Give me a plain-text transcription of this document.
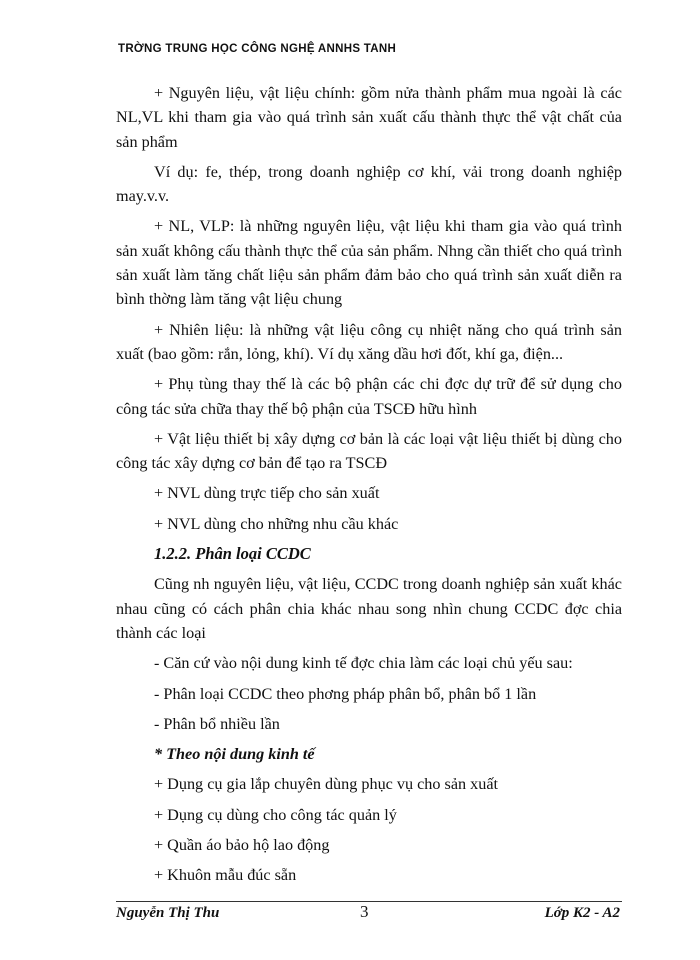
TRỜNG TRUNG HỌC CÔNG NGHỆ ANNHS TANH

+ Nguyên liệu, vật liệu chính: gồm nửa thành phẩm mua ngoài là các NL,VL khi tham gia vào quá trình sản xuất cấu thành thực thể vật chất của sản phẩm

Ví dụ: fe, thép, trong doanh nghiệp cơ khí, vải trong doanh nghiệp may.v.v.

+ NL, VLP: là những nguyên liệu, vật liệu khi tham gia vào quá trình sản xuất không cấu thành thực thể của sản phẩm. Nhng cần thiết cho quá trình sản xuất làm tăng chất liệu sản phẩm đảm bảo cho quá trình sản xuất diễn ra bình thờng làm tăng vật liệu chung

+ Nhiên liệu: là những vật liệu công cụ nhiệt năng cho quá trình sản xuất (bao gồm: rắn, lỏng, khí). Ví dụ xăng dầu hơi đốt, khí ga, điện...

+ Phụ tùng thay thế là các bộ phận các chi đợc dự trữ để sử dụng cho công tác sửa chữa thay thế bộ phận của TSCĐ hữu hình

+ Vật liệu thiết bị xây dựng cơ bản là các loại vật liệu thiết bị dùng cho công tác xây dựng cơ bản để tạo ra TSCĐ

+ NVL dùng trực tiếp cho sản xuất

+ NVL dùng cho những nhu cầu khác

1.2.2. Phân loại CCDC

Cũng nh nguyên liệu, vật liệu, CCDC trong doanh nghiệp sản xuất khác nhau cũng có cách phân chia khác nhau song nhìn chung CCDC đợc chia thành các loại

- Căn cứ vào nội dung kinh tế đợc chia làm các loại chủ yếu sau:

- Phân loại CCDC theo phơng pháp phân bổ, phân bổ 1 lần

- Phân bổ nhiều lần

* Theo nội dung kinh tế

+ Dụng cụ gia lắp chuyên dùng phục vụ cho sản xuất

+ Dụng cụ dùng cho công tác quản lý

+ Quần áo bảo hộ lao động

+ Khuôn mẫu đúc sẵn

Nguyễn Thị Thu	3	Lớp K2 - A2
